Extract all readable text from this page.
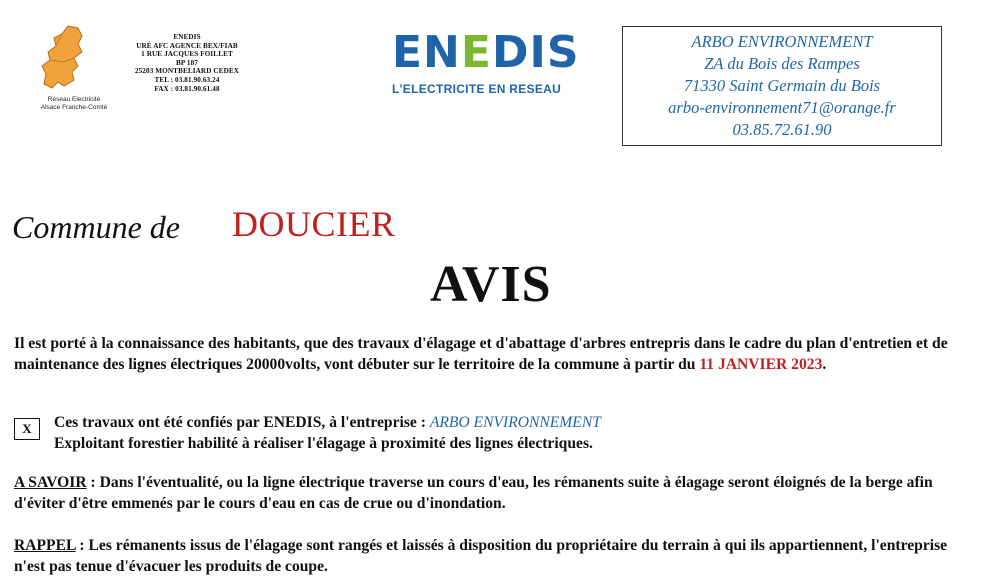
Réseau Electricité
Alsace Franche-Comté
ENEDIS
URÉ AFC AGENCE BEX/FIAB
1 RUE JACQUES FOILLET
BP 187
25203 MONTBELIARD CEDEX
TEL : 03.81.90.63.24
FAX : 03.81.90.61.48
ENEDIS
L'ELECTRICITE EN RESEAU
ARBO ENVIRONNEMENT
ZA du Bois des Rampes
71330 Saint Germain du Bois
arbo-environnement71@orange.fr
03.85.72.61.90
Commune de DOUCIER
AVIS
Il est porté à la connaissance des habitants, que des travaux d'élagage et d'abattage d'arbres entrepris dans le cadre du plan d'entretien et de maintenance des lignes électriques 20000volts, vont débuter sur le territoire de la commune à partir du 11 JANVIER 2023.
X	Ces travaux ont été confiés par ENEDIS, à l'entreprise : ARBO ENVIRONNEMENT
Exploitant forestier habilité à réaliser l'élagage à proximité des lignes électriques.
A SAVOIR : Dans l'éventualité, ou la ligne électrique traverse un cours d'eau, les rémanents suite à élagage seront éloignés de la berge afin d'éviter d'être emmenés par le cours d'eau en cas de crue ou d'inondation.
RAPPEL : Les rémanents issus de l'élagage sont rangés et laissés à disposition du propriétaire du terrain à qui ils appartiennent, l'entreprise n'est pas tenue d'évacuer les produits de coupe.
